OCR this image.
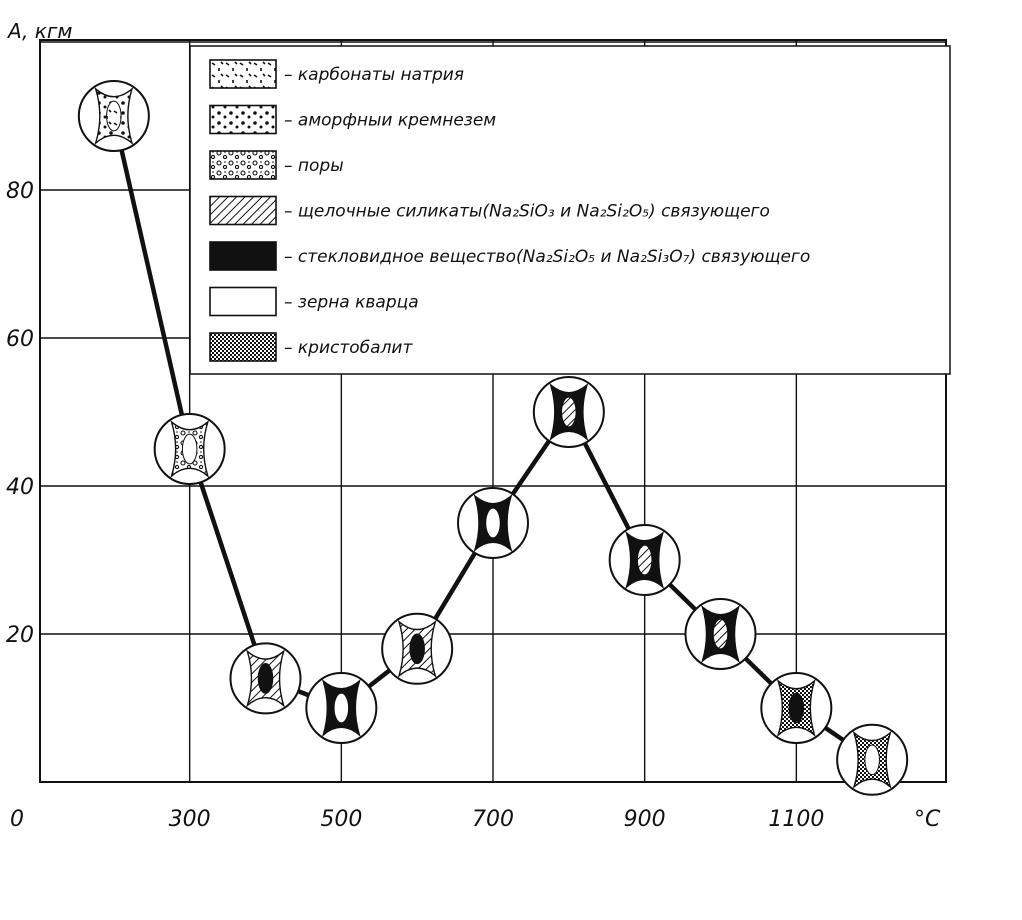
300	500	700	900	1100
20
40
60
80
– карбонаты натрия
– аморфныи кремнезем
– поры
– щелочные силикаты(Na₂SiO₃ и Na₂Si₂O₅) связующего
– стекловидное вещество(Na₂Si₂O₅ и Na₂Si₃O₇) связующего
– зерна кварца
– кристобалит
A, кгм
°C
0
